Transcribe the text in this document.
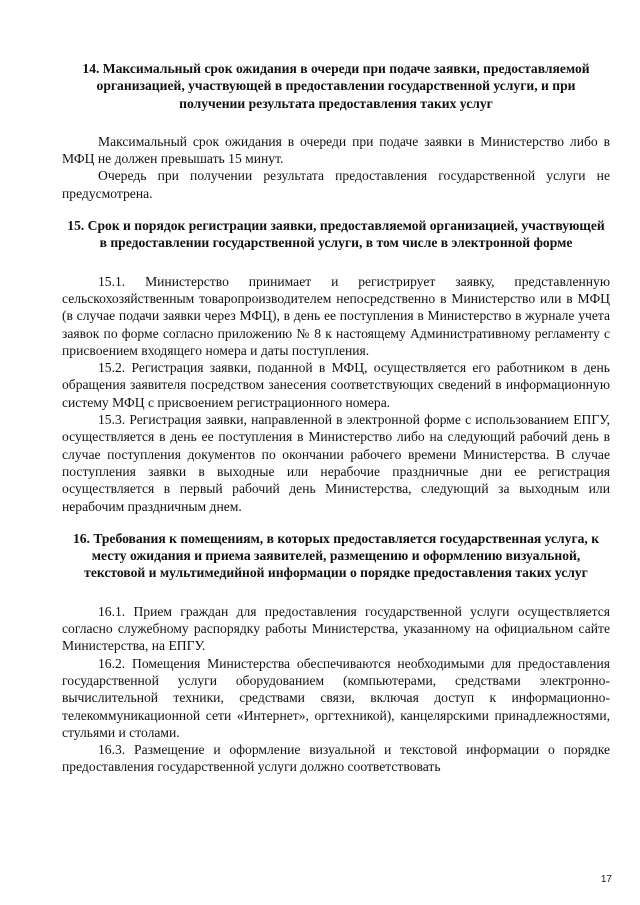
14. Максимальный срок ожидания в очереди при подаче заявки, предоставляемой организацией, участвующей в предоставлении государственной услуги, и при получении результата предоставления таких услуг

Максимальный срок ожидания в очереди при подаче заявки в Министерство либо в МФЦ не должен превышать 15 минут.

Очередь при получении результата предоставления государственной услуги не предусмотрена.

15. Срок и порядок регистрации заявки, предоставляемой организацией, участвующей в предоставлении государственной услуги, в том числе в электронной форме

15.1. Министерство принимает и регистрирует заявку, представленную сельскохозяйственным товаропроизводителем непосредственно в Министерство или в МФЦ (в случае подачи заявки через МФЦ), в день ее поступления в Министерство в журнале учета заявок по форме согласно приложению № 8 к настоящему Административному регламенту с присвоением входящего номера и даты поступления.

15.2. Регистрация заявки, поданной в МФЦ, осуществляется его работником в день обращения заявителя посредством занесения соответствующих сведений в информационную систему МФЦ с присвоением регистрационного номера.

15.3. Регистрация заявки, направленной в электронной форме с использованием ЕПГУ, осуществляется в день ее поступления в Министерство либо на следующий рабочий день в случае поступления документов по окончании рабочего времени Министерства. В случае поступления заявки в выходные или нерабочие праздничные дни ее регистрация осуществляется в первый рабочий день Министерства, следующий за выходным или нерабочим праздничным днем.

16. Требования к помещениям, в которых предоставляется государственная услуга, к месту ожидания и приема заявителей, размещению и оформлению визуальной, текстовой и мультимедийной информации о порядке предоставления таких услуг

16.1. Прием граждан для предоставления государственной услуги осуществляется согласно служебному распорядку работы Министерства, указанному на официальном сайте Министерства, на ЕПГУ.

16.2. Помещения Министерства обеспечиваются необходимыми для предоставления государственной услуги оборудованием (компьютерами, средствами электронно-вычислительной техники, средствами связи, включая доступ к информационно-телекоммуникационной сети «Интернет», оргтехникой), канцелярскими принадлежностями, стульями и столами.

16.3. Размещение и оформление визуальной и текстовой информации о порядке предоставления государственной услуги должно соответствовать

17
